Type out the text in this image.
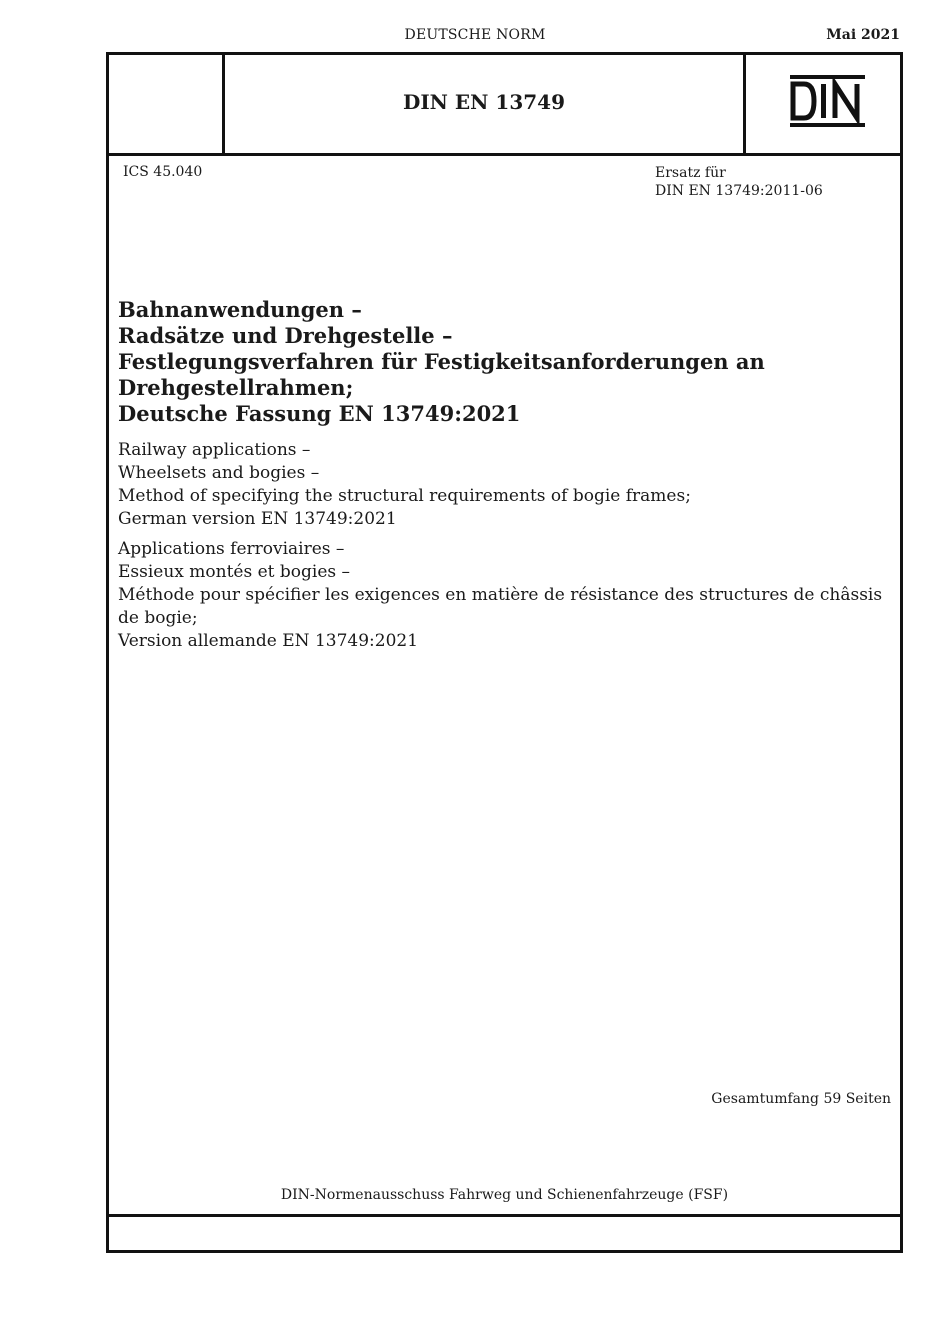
DEUTSCHE NORM	Mai 2021
DIN EN 13749
ICS 45.040	Ersatz für
DIN EN 13749:2011-06
Bahnanwendungen –
Radsätze und Drehgestelle –
Festlegungsverfahren für Festigkeitsanforderungen an
Drehgestellrahmen;
Deutsche Fassung EN 13749:2021
Railway applications –
Wheelsets and bogies –
Method of specifying the structural requirements of bogie frames;
German version EN 13749:2021
Applications ferroviaires –
Essieux montés et bogies –
Méthode pour spécifier les exigences en matière de résistance des structures de châssis de bogie;
Version allemande EN 13749:2021
Gesamtumfang 59 Seiten
DIN-Normenausschuss Fahrweg und Schienenfahrzeuge (FSF)
